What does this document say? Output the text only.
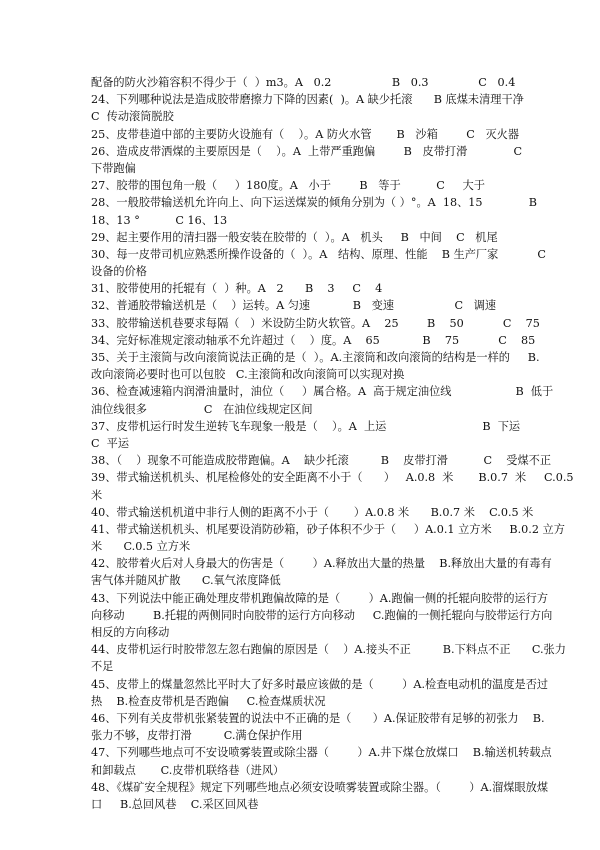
配备的防火沙箱容积不得少于（  ）m3。A   0.2                 B   0.3              C   0.4
24、下列哪种说法是造成胶带磨擦力下降的因素(  )。A 缺少托滚      B 底煤未清理干净
C  传动滚筒脱胶
25、皮带巷道中部的主要防火设施有（    ）。A 防火水管       B   沙箱        C   灭火器
26、造成皮带洒煤的主要原因是（    ）。A  上带严重跑偏        B   皮带打滑             C
下带跑偏
27、胶带的围包角一般（     ）180度。A   小于        B   等于          C     大于
28、一般胶带输送机允许向上、向下运送煤炭的倾角分别为（ ）°。A  18、15             B
18、13 °          C 16、13
29、起主要作用的清扫器一般安装在胶带的（  ）。A   机头     B   中间    C   机尾
30、每一皮带司机应熟悉所操作设备的（  ）。A   结构、原理、性能    B 生产厂家           C
设备的价格
31、胶带使用的托辊有（  ）种。A   2      B    3     C    4
32、普通胶带输送机是（    ）运转。A 匀速            B   变速                 C   调速
33、胶带输送机巷要求每隔（   ）米设防尘防火软管。A    25        B    50           C    75
34、完好标准规定滚动轴承不允许超过（    ）度。A    65            B    75           C    85
35、关于主滚筒与改向滚筒说法正确的是（  ）。A.主滚筒和改向滚筒的结构是一样的     B.
改向滚筒必要时也可以包胶   C.主滚筒和改向滚筒可以实现对换
36、检查减速箱内润滑油量时，油位（     ）属合格。A  高于规定油位线                  B  低于
油位线很多                C   在油位线规定区间
37、皮带机运行时发生逆转飞车现象一般是（    ）。A  上运                           B  下运
C  平运
38、（    ）现象不可能造成胶带跑偏。A    缺少托滚         B    皮带打滑          C    受煤不正
39、带式输送机机头、机尾检修处的安全距离不小于（      ）   A.0.8  米       B.0.7  米     C.0.5
米
40、带式输送机机道中非行人侧的距离不小于（       ）A.0.8 米      B.0.7 米    C.0.5 米
41、带式输送机机头、机尾要设消防砂箱，砂子体积不少于（     ）A.0.1 立方米     B.0.2 立方
米      C.0.5 立方米
42、胶带着火后对人身最大的伤害是（        ）A.释放出大量的热量    B.释放出大量的有毒有
害气体并随风扩散      C.氧气浓度降低
43、下列说法中能正确处理皮带机跑偏故障的是（        ）A.跑偏一侧的托辊向胶带的运行方
向移动        B.托辊的两侧同时向胶带的运行方向移动     C.跑偏的一侧托辊向与胶带运行方向
相反的方向移动
44、皮带机运行时胶带忽左忽右跑偏的原因是（    ）A.接头不正         B.下料点不正      C.张力
不足
45、皮带上的煤量忽然比平时大了好多时最应该做的是（        ）A.检查电动机的温度是否过
热    B.检查皮带机是否跑偏     C.检查煤质状况
46、下列有关皮带机张紧装置的说法中不正确的是（      ）A.保证胶带有足够的初张力    B.
张力不够，皮带打滑         C.满仓保护作用
47、下列哪些地点可不安设喷雾装置或除尘器（        ）A.井下煤仓放煤口    B.输送机转载点
和卸载点       C.皮带机联络巷（进风）
48、《煤矿安全规程》规定下列哪些地点必须安设喷雾装置或除尘器。（        ）A.溜煤眼放煤
口     B.总回风巷    C.采区回风巷
